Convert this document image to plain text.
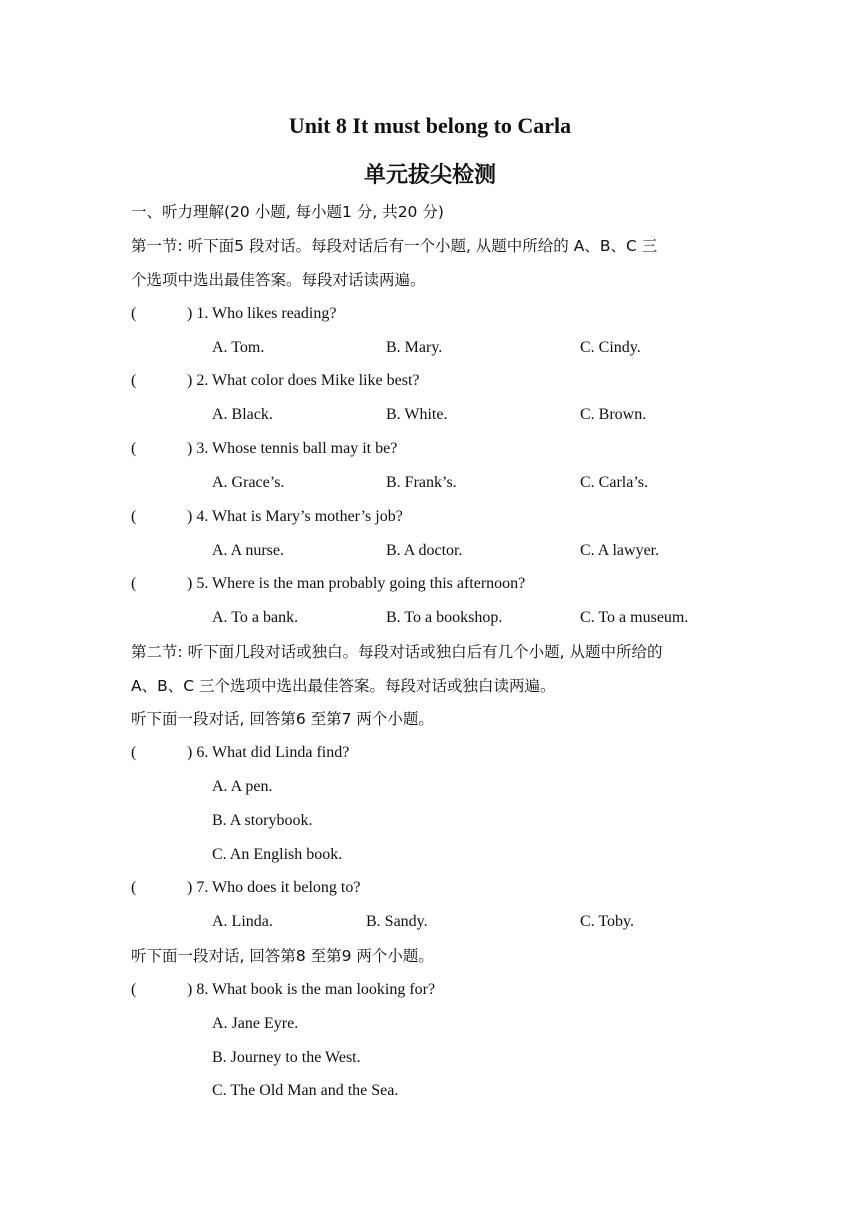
Unit 8 It must belong to Carla
单元拔尖检测
一、听力理解(20 小题, 每小题1 分, 共20 分)
第一节: 听下面5 段对话。每段对话后有一个小题, 从题中所给的 A、B、C 三
个选项中选出最佳答案。每段对话读两遍。
(	) 1. Who likes reading?
A. Tom.	B. Mary.	C. Cindy.
(	) 2. What color does Mike like best?
A. Black.	B. White.	C. Brown.
(	) 3. Whose tennis ball may it be?
A. Grace’s.	B. Frank’s.	C. Carla’s.
(	) 4. What is Mary’s mother’s job?
A. A nurse.	B. A doctor.	C. A lawyer.
(	) 5. Where is the man probably going this afternoon?
A. To a bank.	B. To a bookshop.	C. To a museum.
第二节: 听下面几段对话或独白。每段对话或独白后有几个小题, 从题中所给的
A、B、C 三个选项中选出最佳答案。每段对话或独白读两遍。
听下面一段对话, 回答第6 至第7 两个小题。
(	) 6. What did Linda find?
A. A pen.
B. A storybook.
C. An English book.
(	) 7. Who does it belong to?
A. Linda.	B. Sandy.	C. Toby.
听下面一段对话, 回答第8 至第9 两个小题。
(	) 8. What book is the man looking for?
A. Jane Eyre.
B. Journey to the West.
C. The Old Man and the Sea.
